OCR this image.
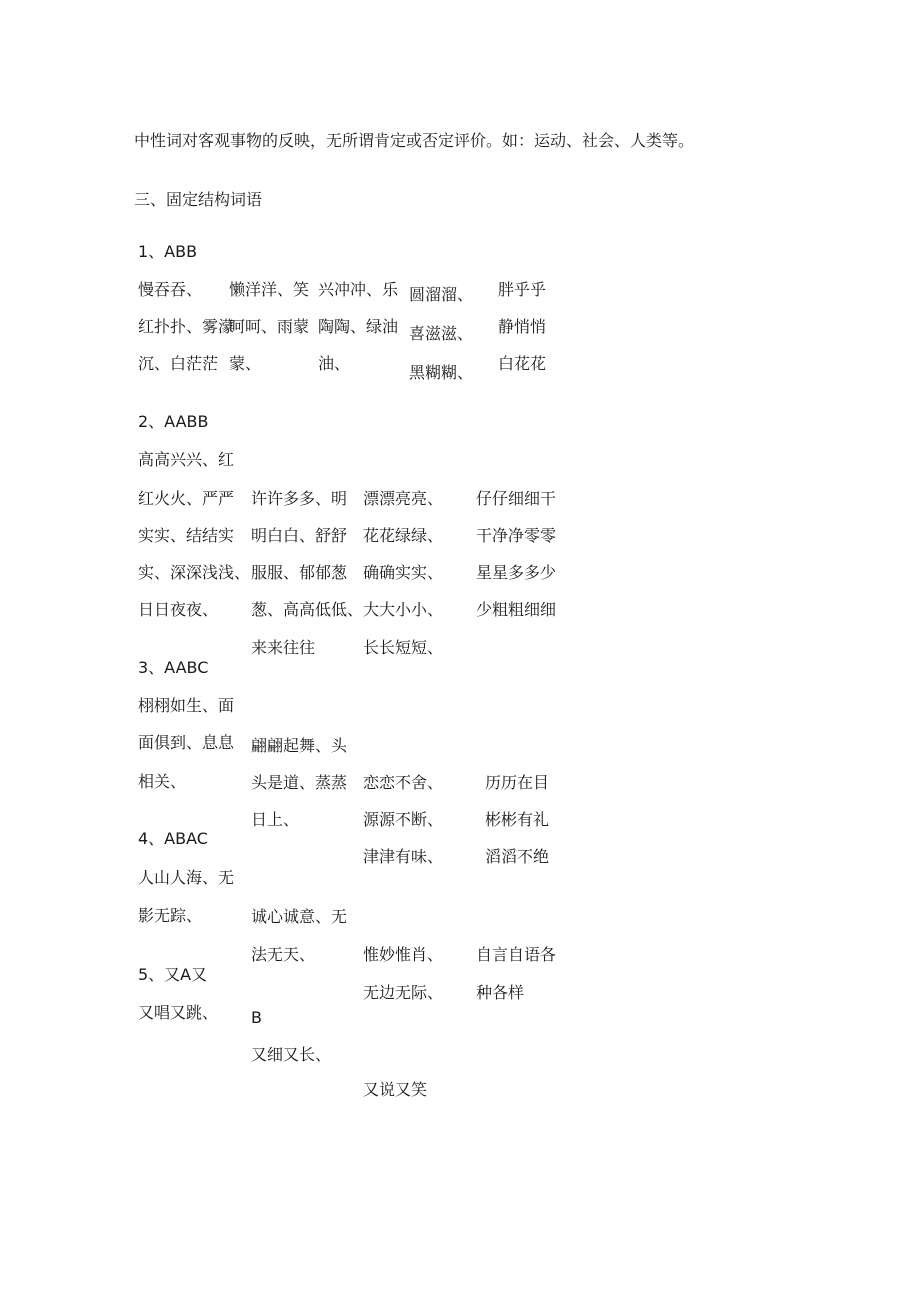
中性词对客观事物的反映，无所谓肯定或否定评价。如：运动、社会、人类等。
三、固定结构词语
1、ABB
慢吞吞、
红扑扑、雾濛
沉、白茫茫
懒洋洋、笑
呵呵、雨蒙
蒙、
兴冲冲、乐
陶陶、绿油
油、
圆溜溜、
喜滋滋、
黑糊糊、
胖乎乎
静悄悄
白花花
2、AABB
高高兴兴、红
红火火、严严
实实、结结实
实、深深浅浅、
日日夜夜、
许许多多、明
明白白、舒舒
服服、郁郁葱
葱、高高低低、
来来往往
漂漂亮亮、
花花绿绿、
确确实实、
大大小小、
长长短短、
仔仔细细干
干净净零零
星星多多少
少粗粗细细
3、AABC
栩栩如生、面
面俱到、息息
相关、
翩翩起舞、头
头是道、蒸蒸
日上、
恋恋不舍、
源源不断、
津津有味、
历历在目
彬彬有礼
滔滔不绝
4、ABAC
人山人海、无
影无踪、	诚心诚意、无
法无天、	惟妙惟肖、
无边无际、
自言自语各
种各样
5、又A又
B
又唱又跳、
又细又长、
又说又笑
